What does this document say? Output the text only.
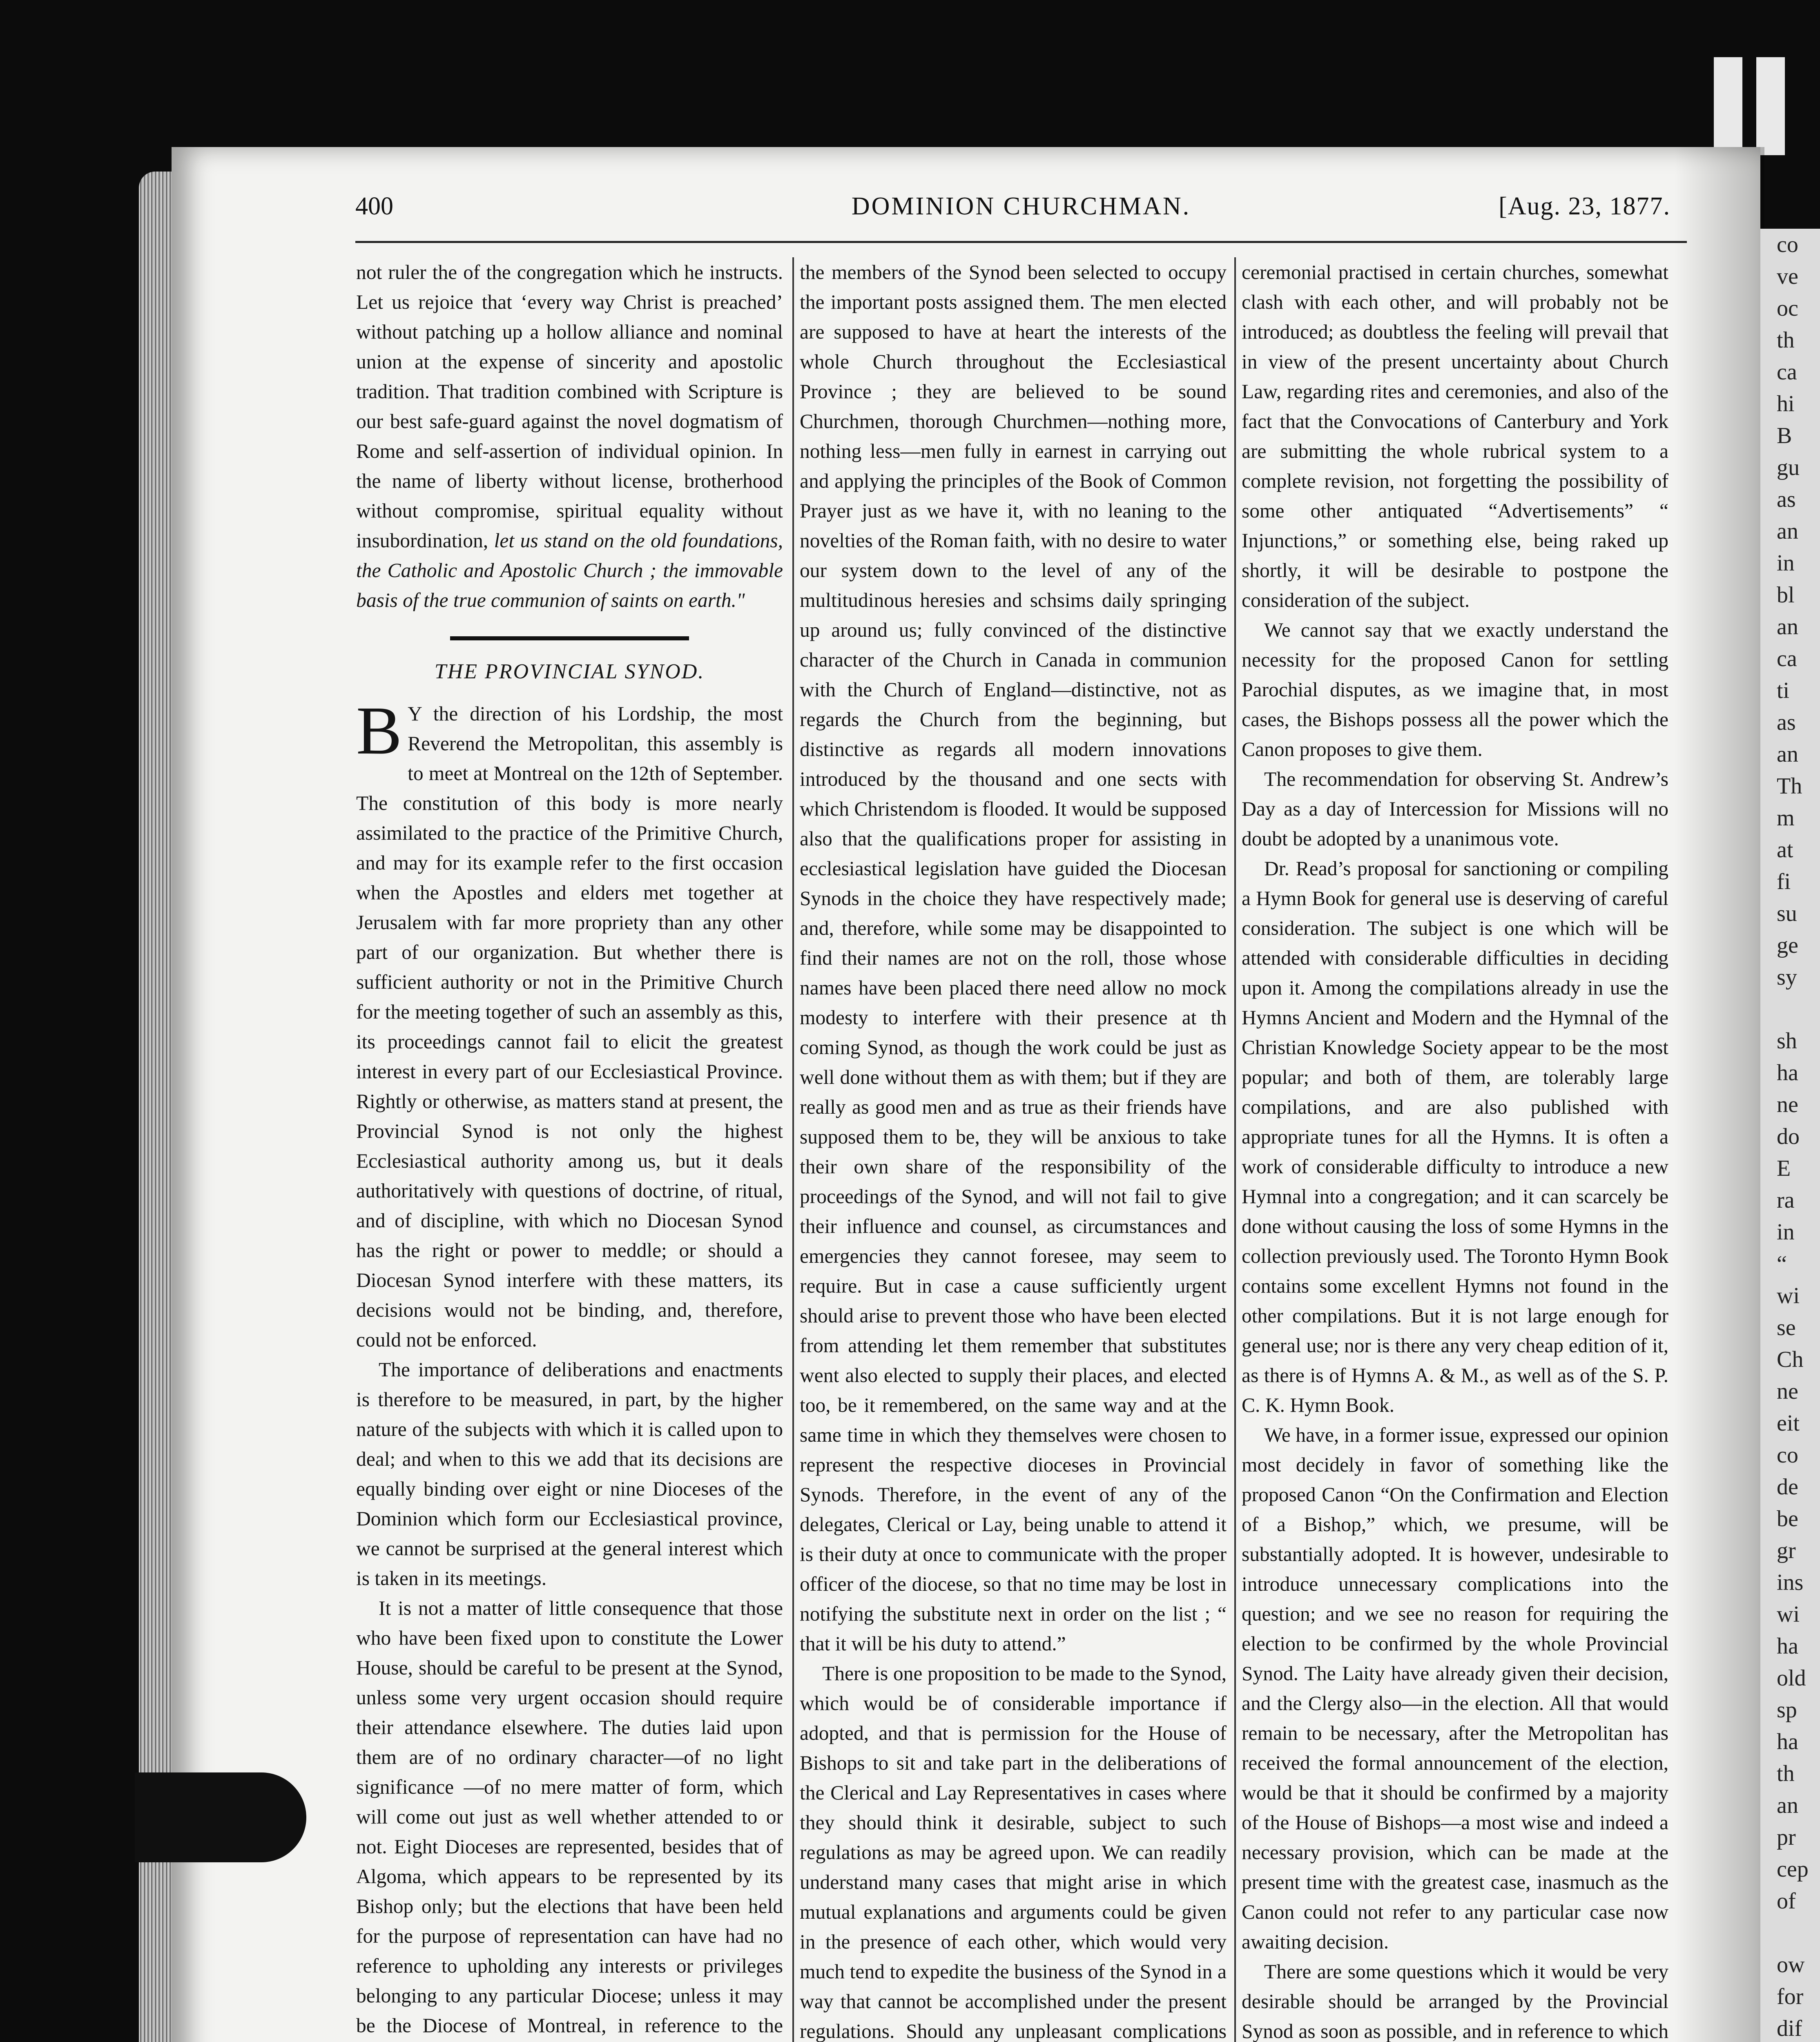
co
ve
oc
th
ca
hi
B
gu
as
an
in
bl
an
ca
ti
as
an
Th
m
at
fi
su
ge
sy

sh
ha
ne
do
E
ra
in
“
wi
se
Ch
ne
eit
co
de
be
gr
ins
wi
ha
old
sp
ha
th
an
pr
cep
of

ow
for
dif

400	DOMINION CHURCHMAN.	[Aug. 23, 1877.

not ruler the of the congregation which he instructs. Let us rejoice that ‘every way Christ is preached’ without patching up a hollow alliance and nominal union at the expense of sincerity and apostolic tradition. That tradition combined with Scripture is our best safe-guard against the novel dogmatism of Rome and self-assertion of individual opinion. In the name of liberty without license, brotherhood without compromise, spiritual equality without insubordination, let us stand on the old foundations, the Catholic and Apostolic Church ; the immovable basis of the true communion of saints on earth."

THE PROVINCIAL SYNOD.

B Y the direction of his Lordship, the most Reverend the Metropolitan, this assembly is to meet at Montreal on the 12th of September. The constitution of this body is more nearly assimilated to the practice of the Primitive Church, and may for its example refer to the first occasion when the Apostles and elders met together at Jerusalem with far more propriety than any other part of our organization. But whether there is sufficient authority or not in the Primitive Church for the meeting together of such an assembly as this, its proceedings cannot fail to elicit the greatest interest in every part of our Ecclesiastical Province. Rightly or otherwise, as matters stand at present, the Provincial Synod is not only the highest Ecclesiastical authority among us, but it deals authoritatively with questions of doctrine, of ritual, and of discipline, with which no Diocesan Synod has the right or power to meddle; or should a Diocesan Synod interfere with these matters, its decisions would not be binding, and, therefore, could not be enforced.

The importance of deliberations and enactments is therefore to be measured, in part, by the higher nature of the subjects with which it is called upon to deal; and when to this we add that its decisions are equally binding over eight or nine Dioceses of the Dominion which form our Ecclesiastical province, we cannot be surprised at the general interest which is taken in its meetings.

It is not a matter of little consequence that those who have been fixed upon to constitute the Lower House, should be careful to be present at the Synod, unless some very urgent occasion should require their attendance elsewhere. The duties laid upon them are of no ordinary character—of no light significance —of no mere matter of form, which will come out just as well whether attended to or not. Eight Dioceses are represented, besides that of Algoma, which appears to be represented by its Bishop only; but the elections that have been held for the purpose of representation can have had no reference to upholding any interests or privileges belonging to any particular Diocese; unless it may be the Diocese of Montreal, in reference to the

the members of the Synod been selected to occupy the important posts assigned them. The men elected are supposed to have at heart the interests of the whole Church throughout the Ecclesiastical Province ; they are believed to be sound Churchmen, thorough Churchmen—nothing more, nothing less—men fully in earnest in carrying out and applying the principles of the Book of Common Prayer just as we have it, with no leaning to the novelties of the Roman faith, with no desire to water our system down to the level of any of the multitudinous heresies and schsims daily springing up around us; fully convinced of the distinctive character of the Church in Canada in communion with the Church of England—distinctive, not as regards the Church from the beginning, but distinctive as regards all modern innovations introduced by the thousand and one sects with which Christendom is flooded. It would be supposed also that the qualifications proper for assisting in ecclesiastical legislation have guided the Diocesan Synods in the choice they have respectively made; and, therefore, while some may be disappointed to find their names are not on the roll, those whose names have been placed there need allow no mock modesty to interfere with their presence at th coming Synod, as though the work could be just as well done without them as with them; but if they are really as good men and as true as their friends have supposed them to be, they will be anxious to take their own share of the responsibility of the proceedings of the Synod, and will not fail to give their influence and counsel, as circumstances and emergencies they cannot foresee, may seem to require. But in case a cause sufficiently urgent should arise to prevent those who have been elected from attending let them remember that substitutes went also elected to supply their places, and elected too, be it remembered, on the same way and at the same time in which they themselves were chosen to represent the respective dioceses in Provincial Synods. Therefore, in the event of any of the delegates, Clerical or Lay, being unable to attend it is their duty at once to communicate with the proper officer of the diocese, so that no time may be lost in notifying the substitute next in order on the list ; “ that it will be his duty to attend.”

There is one proposition to be made to the Synod, which would be of considerable importance if adopted, and that is permission for the House of Bishops to sit and take part in the deliberations of the Clerical and Lay Representatives in cases where they should think it desirable, subject to such regulations as may be agreed upon. We can readily understand many cases that might arise in which mutual explanations and arguments could be given in the presence of each other, which would very much tend to expedite the business of the Synod in a way that cannot be accomplished under the present regulations. Should any unpleasant complications

ceremonial practised in certain churches, somewhat clash with each other, and will probably not be introduced; as doubtless the feeling will prevail that in view of the present uncertainty about Church Law, regarding rites and ceremonies, and also of the fact that the Convocations of Canterbury and York are submitting the whole rubrical system to a complete revision, not forgetting the possibility of some other antiquated “Advertisements” “ Injunctions,” or something else, being raked up shortly, it will be desirable to postpone the consideration of the subject.

We cannot say that we exactly understand the necessity for the proposed Canon for settling Parochial disputes, as we imagine that, in most cases, the Bishops possess all the power which the Canon proposes to give them.

The recommendation for observing St. Andrew’s Day as a day of Intercession for Missions will no doubt be adopted by a unanimous vote.

Dr. Read’s proposal for sanctioning or compiling a Hymn Book for general use is deserving of careful consideration. The subject is one which will be attended with considerable difficulties in deciding upon it. Among the compilations already in use the Hymns Ancient and Modern and the Hymnal of the Christian Knowledge Society appear to be the most popular; and both of them, are tolerably large compilations, and are also published with appropriate tunes for all the Hymns. It is often a work of considerable difficulty to introduce a new Hymnal into a congregation; and it can scarcely be done without causing the loss of some Hymns in the collection previously used. The Toronto Hymn Book contains some excellent Hymns not found in the other compilations. But it is not large enough for general use; nor is there any very cheap edition of it, as there is of Hymns A. & M., as well as of the S. P. C. K. Hymn Book.

We have, in a former issue, expressed our opinion most decidely in favor of something like the proposed Canon “On the Confirmation and Election of a Bishop,” which, we presume, will be substantially adopted. It is however, undesirable to introduce unnecessary complications into the question; and we see no reason for requiring the election to be confirmed by the whole Provincial Synod. The Laity have already given their decision, and the Clergy also—in the election. All that would remain to be necessary, after the Metropolitan has received the formal announcement of the election, would be that it should be confirmed by a majority of the House of Bishops—a most wise and indeed a necessary provision, which can be made at the present time with the greatest case, inasmuch as the Canon could not refer to any particular case now awaiting decision.

There are some questions which it would be very desirable should be arranged by the Provincial Synod as soon as possible, and in reference to which
